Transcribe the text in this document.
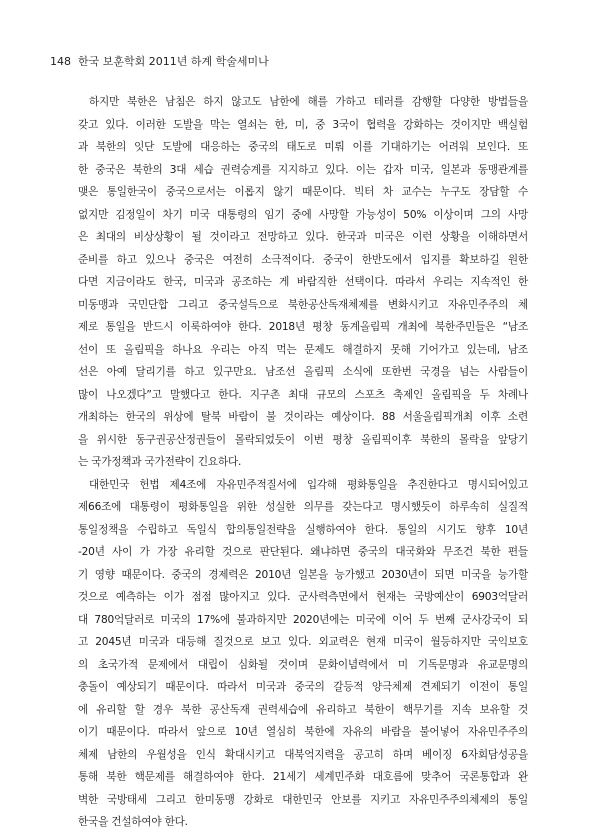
148 한국 보훈학회 2011년 하계 학술세미나
하지만 북한은 남침은 하지 않고도 남한에 해를 가하고 테러를 감행할 다양한 방법들을
갖고 있다. 이러한 도발을 막는 열쇠는 한, 미, 중 3국이 협력을 강화하는 것이지만 백실험
과 북한의 잇단 도발에 대응하는 중국의 태도로 미뤄 이를 기대하기는 어려워 보인다. 또
한 중국은 북한의 3대 세습 권력승계를 지지하고 있다. 이는 갑자 미국, 일본과 동맹관계를
맺은 통일한국이 중국으로서는 이롭지 않기 때문이다. 빅터 차 교수는 누구도 장담할 수
없지만 김정일이 차기 미국 대통령의 임기 중에 사망할 가능성이 50% 이상이며 그의 사망
은 최대의 비상상황이 될 것이라고 전망하고 있다. 한국과 미국은 이런 상황을 이해하면서
준비를 하고 있으나 중국은 여전히 소극적이다. 중국이 한반도에서 입지를 확보하길 원한
다면 지금이라도 한국, 미국과 공조하는 게 바람직한 선택이다. 따라서 우리는 지속적인 한
미동맹과 국민단합 그리고 중국설득으로 북한공산독재체제를 변화시키고 자유민주주의 체
제로 통일을 반드시 이룩하여야 한다. 2018년 평창 동계올림픽 개최에 북한주민들은 “남조
선이 또 올림픽을 하나요 우리는 아직 먹는 문제도 해결하지 못해 기어가고 있는데, 남조
선은 아예 달리기를 하고 있구만요. 남조선 올림픽 소식에 또한번 국경을 넘는 사람들이
많이 나오겠다”고 말했다고 한다. 지구촌 최대 규모의 스포츠 축제인 올림픽을 두 차례나
개최하는 한국의 위상에 탈북 바람이 불 것이라는 예상이다. 88 서울올림픽개최 이후 소련
을 위시한 동구권공산정권들이 몰락되었듯이 이번 평창 올림픽이후 북한의 몰락을 앞당기
는 국가정책과 국가전략이 긴요하다.
대한민국 헌법 제4조에 자유민주적질서에 입각해 평화통일을 추진한다고 명시되어있고
제66조에 대통령이 평화통일을 위한 성실한 의무를 갖는다고 명시했듯이 하루속히 실질적
통일정책을 수립하고 독일식 합의통일전략을 실행하여야 한다. 통일의 시기도 향후 10년
-20년 사이 가 가장 유리할 것으로 판단된다. 왜냐하면 중국의 대국화와 무조건 북한 편들
기 영향 때문이다. 중국의 경제력은 2010년 일본을 능가했고 2030년이 되면 미국을 능가할
것으로 예측하는 이가 점점 많아지고 있다. 군사력측면에서 현재는 국방예산이 6903억달러
대 780억달러로 미국의 17%에 불과하지만 2020년에는 미국에 이어 두 번째 군사강국이 되
고 2045년 미국과 대등해 질것으로 보고 있다. 외교력은 현재 미국이 월등하지만 국익보호
의 초국가적 문제에서 대립이 심화될 것이며 문화이념력에서 미 기독문명과 유교문명의
충돌이 예상되기 때문이다. 따라서 미국과 중국의 갈등적 양극체제 견제되기 이전이 통일
에 유리할 할 경우 북한 공산독재 권력세습에 유리하고 북한이 핵무기를 지속 보유할 것
이기 때문이다. 따라서 앞으로 10년 열심히 북한에 자유의 바람을 불어넣어 자유민주주의
체제 남한의 우월성을 인식 확대시키고 대북억지력을 공고히 하며 베이징 6자회담성공을
통해 북한 핵문제를 해결하여야 한다. 21세기 세계민주화 대호름에 맞추어 국론통합과 완
벽한 국방태세 그리고 한미동맹 강화로 대한민국 안보를 지키고 자유민주주의체제의 통일
한국을 건설하여야 한다.
